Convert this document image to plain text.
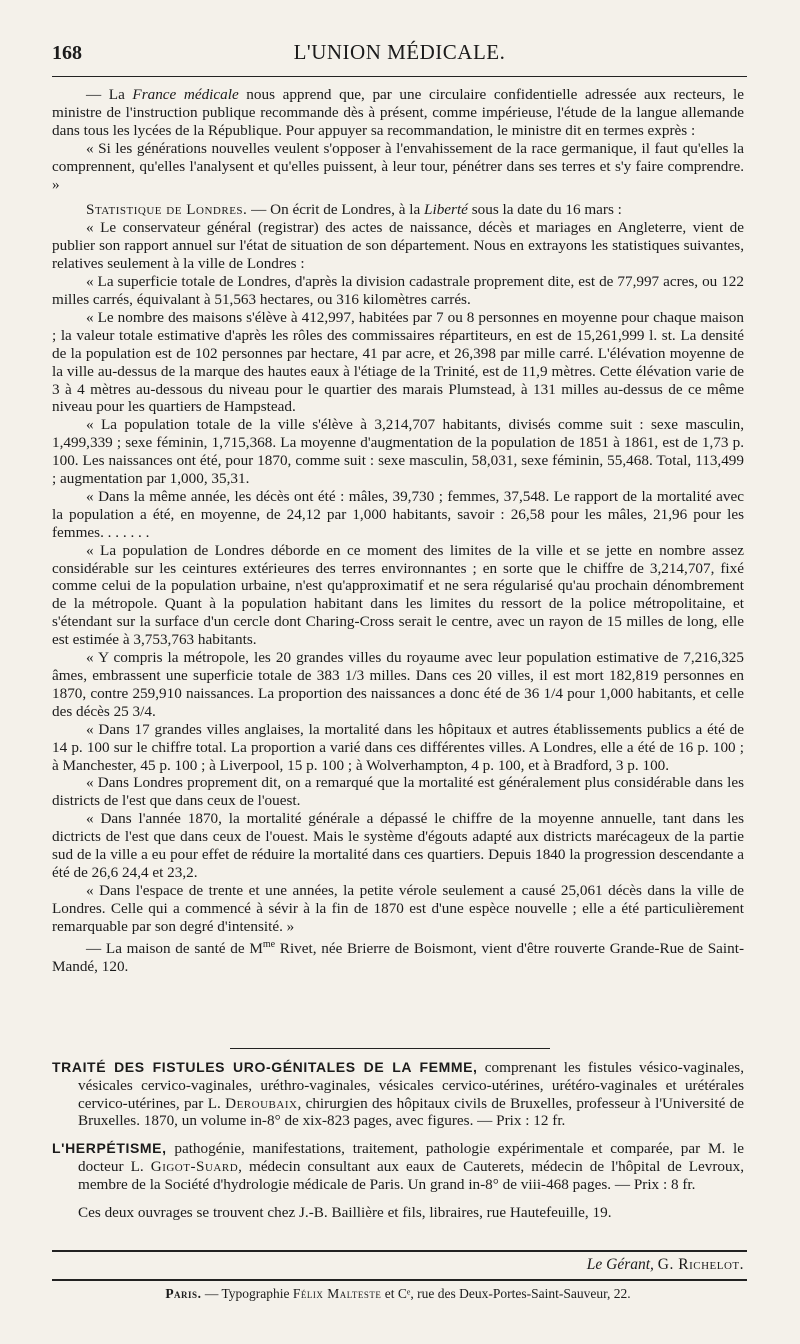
168	L'UNION MÉDICALE.

— La France médicale nous apprend que, par une circulaire confidentielle adressée aux recteurs, le ministre de l'instruction publique recommande dès à présent, comme impérieuse, l'étude de la langue allemande dans tous les lycées de la République. Pour appuyer sa recommandation, le ministre dit en termes exprès :

« Si les générations nouvelles veulent s'opposer à l'envahissement de la race germanique, il faut qu'elles la comprennent, qu'elles l'analysent et qu'elles puissent, à leur tour, pénétrer dans ses terres et s'y faire comprendre. »

Statistique de Londres. — On écrit de Londres, à la Liberté sous la date du 16 mars :

« Le conservateur général (registrar) des actes de naissance, décès et mariages en Angleterre, vient de publier son rapport annuel sur l'état de situation de son département. Nous en extrayons les statistiques suivantes, relatives seulement à la ville de Londres :

« La superficie totale de Londres, d'après la division cadastrale proprement dite, est de 77,997 acres, ou 122 milles carrés, équivalant à 51,563 hectares, ou 316 kilomètres carrés.

« Le nombre des maisons s'élève à 412,997, habitées par 7 ou 8 personnes en moyenne pour chaque maison ; la valeur totale estimative d'après les rôles des commissaires répartiteurs, en est de 15,261,999 l. st. La densité de la population est de 102 personnes par hectare, 41 par acre, et 26,398 par mille carré. L'élévation moyenne de la ville au-dessus de la marque des hautes eaux à l'étiage de la Trinité, est de 11,9 mètres. Cette élévation varie de 3 à 4 mètres au-dessous du niveau pour le quartier des marais Plumstead, à 131 milles au-dessus de ce même niveau pour les quartiers de Hampstead.

« La population totale de la ville s'élève à 3,214,707 habitants, divisés comme suit : sexe masculin, 1,499,339 ; sexe féminin, 1,715,368. La moyenne d'augmentation de la population de 1851 à 1861, est de 1,73 p. 100. Les naissances ont été, pour 1870, comme suit : sexe masculin, 58,031, sexe féminin, 55,468. Total, 113,499 ; augmentation par 1,000, 35,31.

« Dans la même année, les décès ont été : mâles, 39,730 ; femmes, 37,548. Le rapport de la mortalité avec la population a été, en moyenne, de 24,12 par 1,000 habitants, savoir : 26,58 pour les mâles, 21,96 pour les femmes. . . . . . .

« La population de Londres déborde en ce moment des limites de la ville et se jette en nombre assez considérable sur les ceintures extérieures des terres environnantes ; en sorte que le chiffre de 3,214,707, fixé comme celui de la population urbaine, n'est qu'approximatif et ne sera régularisé qu'au prochain dénombrement de la métropole. Quant à la population habitant dans les limites du ressort de la police métropolitaine, et s'étendant sur la surface d'un cercle dont Charing-Cross serait le centre, avec un rayon de 15 milles de long, elle est estimée à 3,753,763 habitants.

« Y compris la métropole, les 20 grandes villes du royaume avec leur population estimative de 7,216,325 âmes, embrassent une superficie totale de 383 1/3 milles. Dans ces 20 villes, il est mort 182,819 personnes en 1870, contre 259,910 naissances. La proportion des naissances a donc été de 36 1/4 pour 1,000 habitants, et celle des décès 25 3/4.

« Dans 17 grandes villes anglaises, la mortalité dans les hôpitaux et autres établissements publics a été de 14 p. 100 sur le chiffre total. La proportion a varié dans ces différentes villes. A Londres, elle a été de 16 p. 100 ; à Manchester, 45 p. 100 ; à Liverpool, 15 p. 100 ; à Wolverhampton, 4 p. 100, et à Bradford, 3 p. 100.

« Dans Londres proprement dit, on a remarqué que la mortalité est généralement plus considérable dans les districts de l'est que dans ceux de l'ouest.

« Dans l'année 1870, la mortalité générale a dépassé le chiffre de la moyenne annuelle, tant dans les dictricts de l'est que dans ceux de l'ouest. Mais le système d'égouts adapté aux districts marécageux de la partie sud de la ville a eu pour effet de réduire la mortalité dans ces quartiers. Depuis 1840 la progression descendante a été de 26,6 24,4 et 23,2.

« Dans l'espace de trente et une années, la petite vérole seulement a causé 25,061 décès dans la ville de Londres. Celle qui a commencé à sévir à la fin de 1870 est d'une espèce nouvelle ; elle a été particulièrement remarquable par son degré d'intensité. »

— La maison de santé de $M^{me}$ Rivet, née Brierre de Boismont, vient d'être rouverte Grande-Rue de Saint-Mandé, 120.

TRAITÉ DES FISTULES URO-GÉNITALES DE LA FEMME, comprenant les fistules vésico-vaginales, vésicales cervico-vaginales, uréthro-vaginales, vésicales cervico-utérines, urétéro-vaginales et urétérales cervico-utérines, par L. Deroubaix, chirurgien des hôpitaux civils de Bruxelles, professeur à l'Université de Bruxelles. 1870, un volume in-8° de xix-823 pages, avec figures. — Prix : 12 fr.

L'HERPÉTISME, pathogénie, manifestations, traitement, pathologie expérimentale et comparée, par M. le docteur L. Gigot-Suard, médecin consultant aux eaux de Cauterets, médecin de l'hôpital de Levroux, membre de la Société d'hydrologie médicale de Paris. Un grand in-8° de viii-468 pages. — Prix : 8 fr.

Ces deux ouvrages se trouvent chez J.-B. Baillière et fils, libraires, rue Hautefeuille, 19.

Le Gérant, G. Richelot.
Paris. — Typographie Félix Malteste et Cᵉ, rue des Deux-Portes-Saint-Sauveur, 22.
